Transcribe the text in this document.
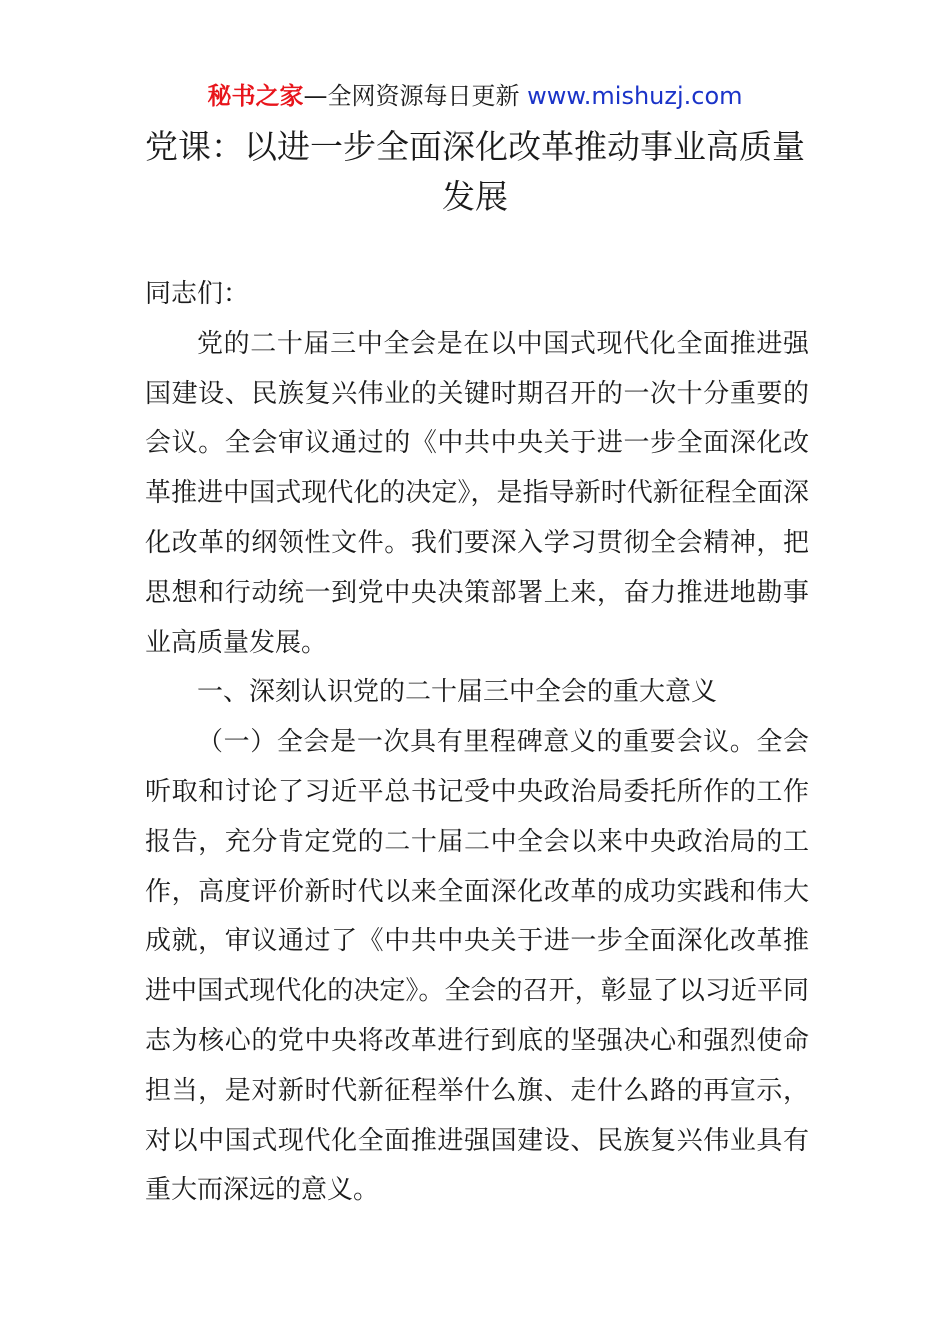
秘书之家—全网资源每日更新 www.mishuzj.com
党课：以进一步全面深化改革推动事业高质量发展

同志们：

党的二十届三中全会是在以中国式现代化全面推进强国建设、民族复兴伟业的关键时期召开的一次十分重要的会议。全会审议通过的《中共中央关于进一步全面深化改革推进中国式现代化的决定》，是指导新时代新征程全面深化改革的纲领性文件。我们要深入学习贯彻全会精神，把思想和行动统一到党中央决策部署上来，奋力推进地勘事业高质量发展。

一、深刻认识党的二十届三中全会的重大意义

（一）全会是一次具有里程碑意义的重要会议。全会听取和讨论了习近平总书记受中央政治局委托所作的工作报告，充分肯定党的二十届二中全会以来中央政治局的工作，高度评价新时代以来全面深化改革的成功实践和伟大成就，审议通过了《中共中央关于进一步全面深化改革推进中国式现代化的决定》。全会的召开，彰显了以习近平同志为核心的党中央将改革进行到底的坚强决心和强烈使命担当，是对新时代新征程举什么旗、走什么路的再宣示，对以中国式现代化全面推进强国建设、民族复兴伟业具有重大而深远的意义。
